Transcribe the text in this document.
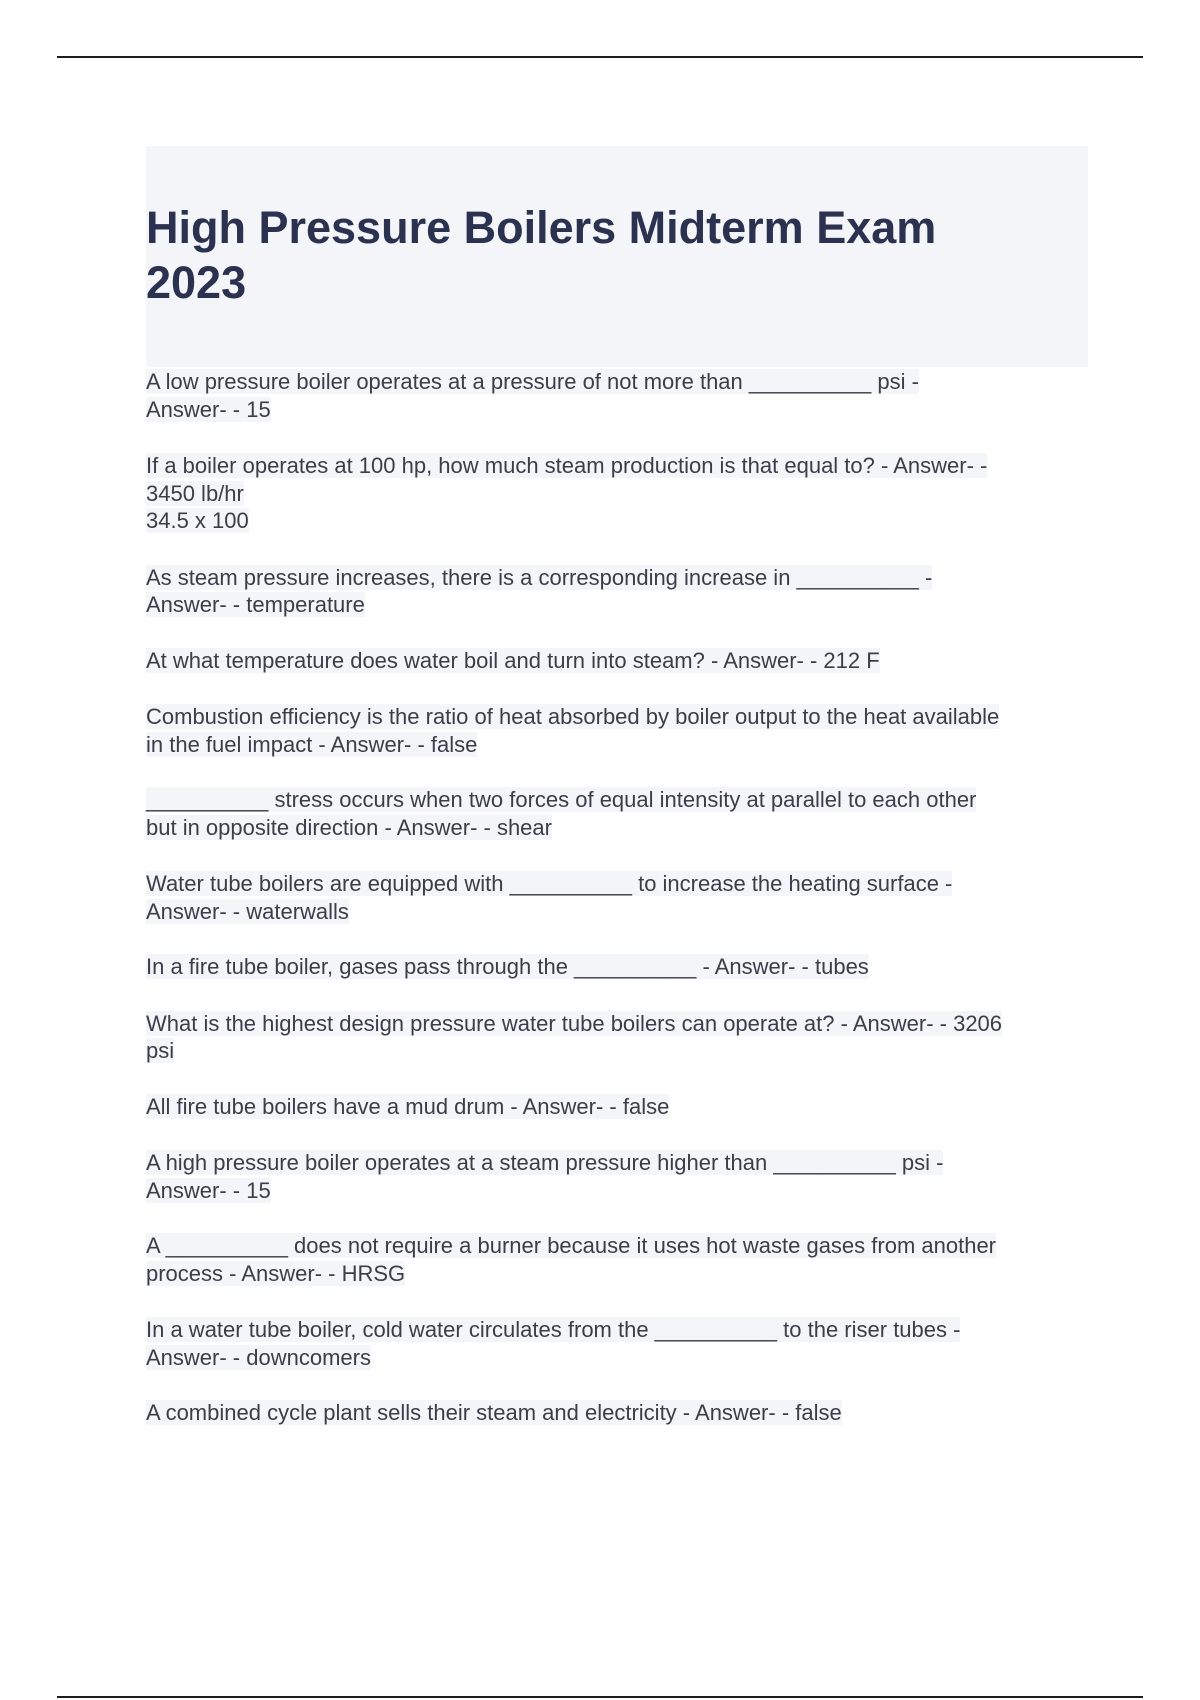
High Pressure Boilers Midterm Exam 2023
A low pressure boiler operates at a pressure of not more than __________ psi -
Answer- - 15
If a boiler operates at 100 hp, how much steam production is that equal to? - Answer- -
3450 lb/hr
34.5 x 100
As steam pressure increases, there is a corresponding increase in __________ -
Answer- - temperature
At what temperature does water boil and turn into steam? - Answer- - 212 F
Combustion efficiency is the ratio of heat absorbed by boiler output to the heat available
in the fuel impact - Answer- - false
__________ stress occurs when two forces of equal intensity at parallel to each other
but in opposite direction - Answer- - shear
Water tube boilers are equipped with __________ to increase the heating surface -
Answer- - waterwalls
In a fire tube boiler, gases pass through the __________ - Answer- - tubes
What is the highest design pressure water tube boilers can operate at? - Answer- - 3206
psi
All fire tube boilers have a mud drum - Answer- - false
A high pressure boiler operates at a steam pressure higher than __________ psi -
Answer- - 15
A __________ does not require a burner because it uses hot waste gases from another
process - Answer- - HRSG
In a water tube boiler, cold water circulates from the __________ to the riser tubes -
Answer- - downcomers
A combined cycle plant sells their steam and electricity - Answer- - false
